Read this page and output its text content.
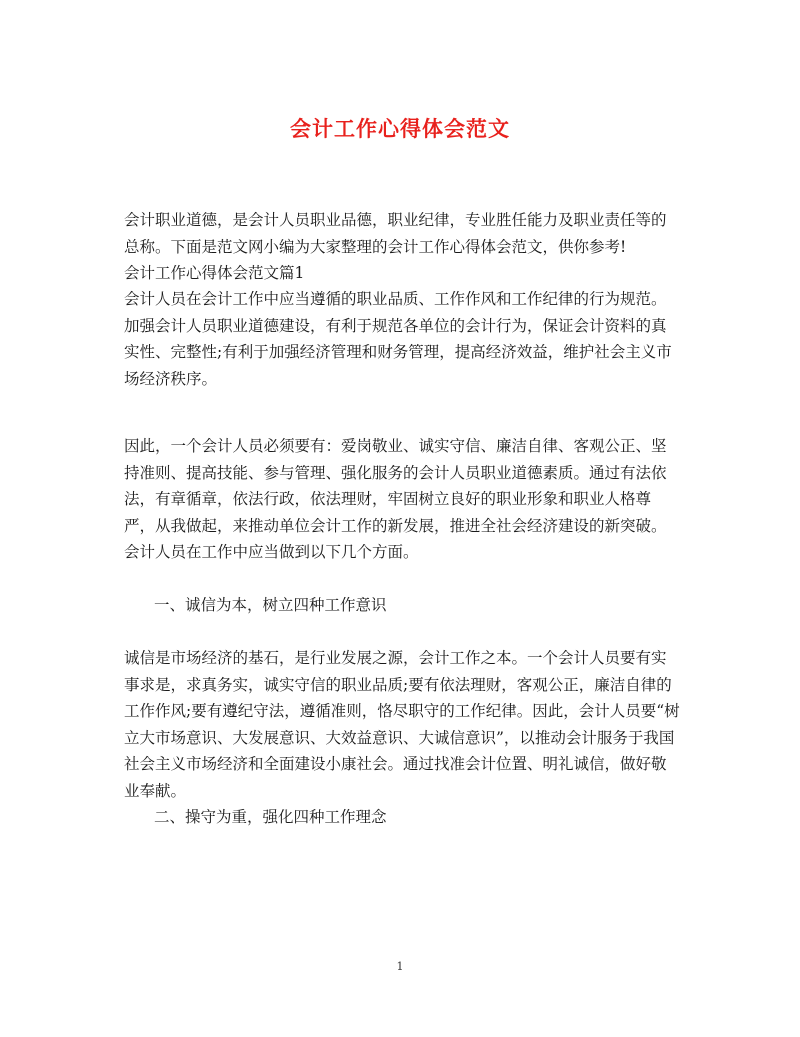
会计工作心得体会范文
会计职业道德，是会计人员职业品德，职业纪律，专业胜任能力及职业责任等的总称。下面是范文网小编为大家整理的会计工作心得体会范文，供你参考!
会计工作心得体会范文篇1
会计人员在会计工作中应当遵循的职业品质、工作作风和工作纪律的行为规范。加强会计人员职业道德建设，有利于规范各单位的会计行为，保证会计资料的真实性、完整性;有利于加强经济管理和财务管理，提高经济效益，维护社会主义市场经济秩序。
因此，一个会计人员必须要有：爱岗敬业、诚实守信、廉洁自律、客观公正、坚持准则、提高技能、参与管理、强化服务的会计人员职业道德素质。通过有法依法，有章循章，依法行政，依法理财，牢固树立良好的职业形象和职业人格尊严，从我做起，来推动单位会计工作的新发展，推进全社会经济建设的新突破。会计人员在工作中应当做到以下几个方面。
一、诚信为本，树立四种工作意识
诚信是市场经济的基石，是行业发展之源，会计工作之本。一个会计人员要有实事求是，求真务实，诚实守信的职业品质;要有依法理财，客观公正，廉洁自律的工作作风;要有遵纪守法，遵循准则，恪尽职守的工作纪律。因此，会计人员要“树立大市场意识、大发展意识、大效益意识、大诚信意识”，以推动会计服务于我国社会主义市场经济和全面建设小康社会。通过找准会计位置、明礼诚信，做好敬业奉献。
二、操守为重，强化四种工作理念
1
